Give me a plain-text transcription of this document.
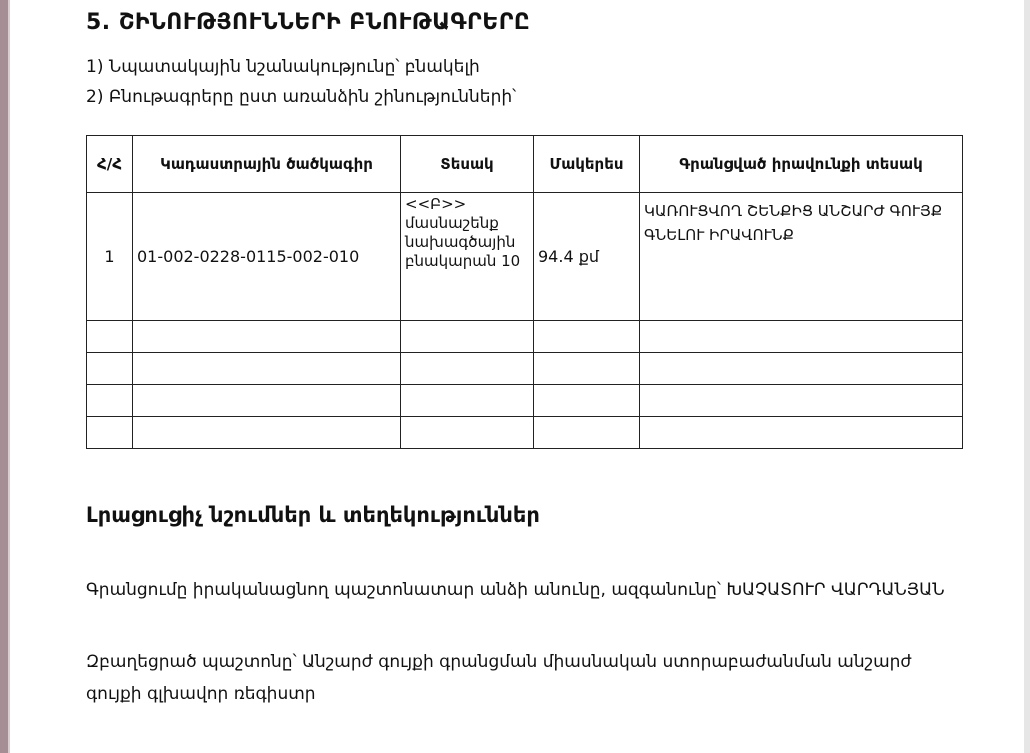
5. ՇԻՆՈՒԹՅՈՒՆՆԵՐԻ ԲՆՈՒԹԱԳՐԵՐԸ
1) Նպատակային նշանակությունը՝ բնակելի
2) Բնութագրերը ըստ առանձին շինությունների՝
Հ/Հ	Կադաստրային ծածկագիր	Տեսակ	Մակերես	Գրանցված իրավունքի տեսակ
1	01-002-0228-0115-002-010	<<Բ>> մասնաշենք նախագծային բնակարան 10	94.4 քմ	ԿԱՌՈՒՑՎՈՂ ՇԵՆՔԻՑ ԱՆՇԱՐԺ ԳՈՒՅՔ ԳՆԵԼՈՒ ԻՐԱՎՈՒՆՔ

Լրացուցիչ նշումներ և տեղեկություններ
Գրանցումը իրականացնող պաշտոնատար անձի անունը, ազգանունը՝ ԽԱՉԱՏՈՒՐ ՎԱՐԴԱՆՅԱՆ
Զբաղեցրած պաշտոնը՝ Անշարժ գույքի գրանցման միասնական ստորաբաժանման անշարժ գույքի գլխավոր ռեգիստր
